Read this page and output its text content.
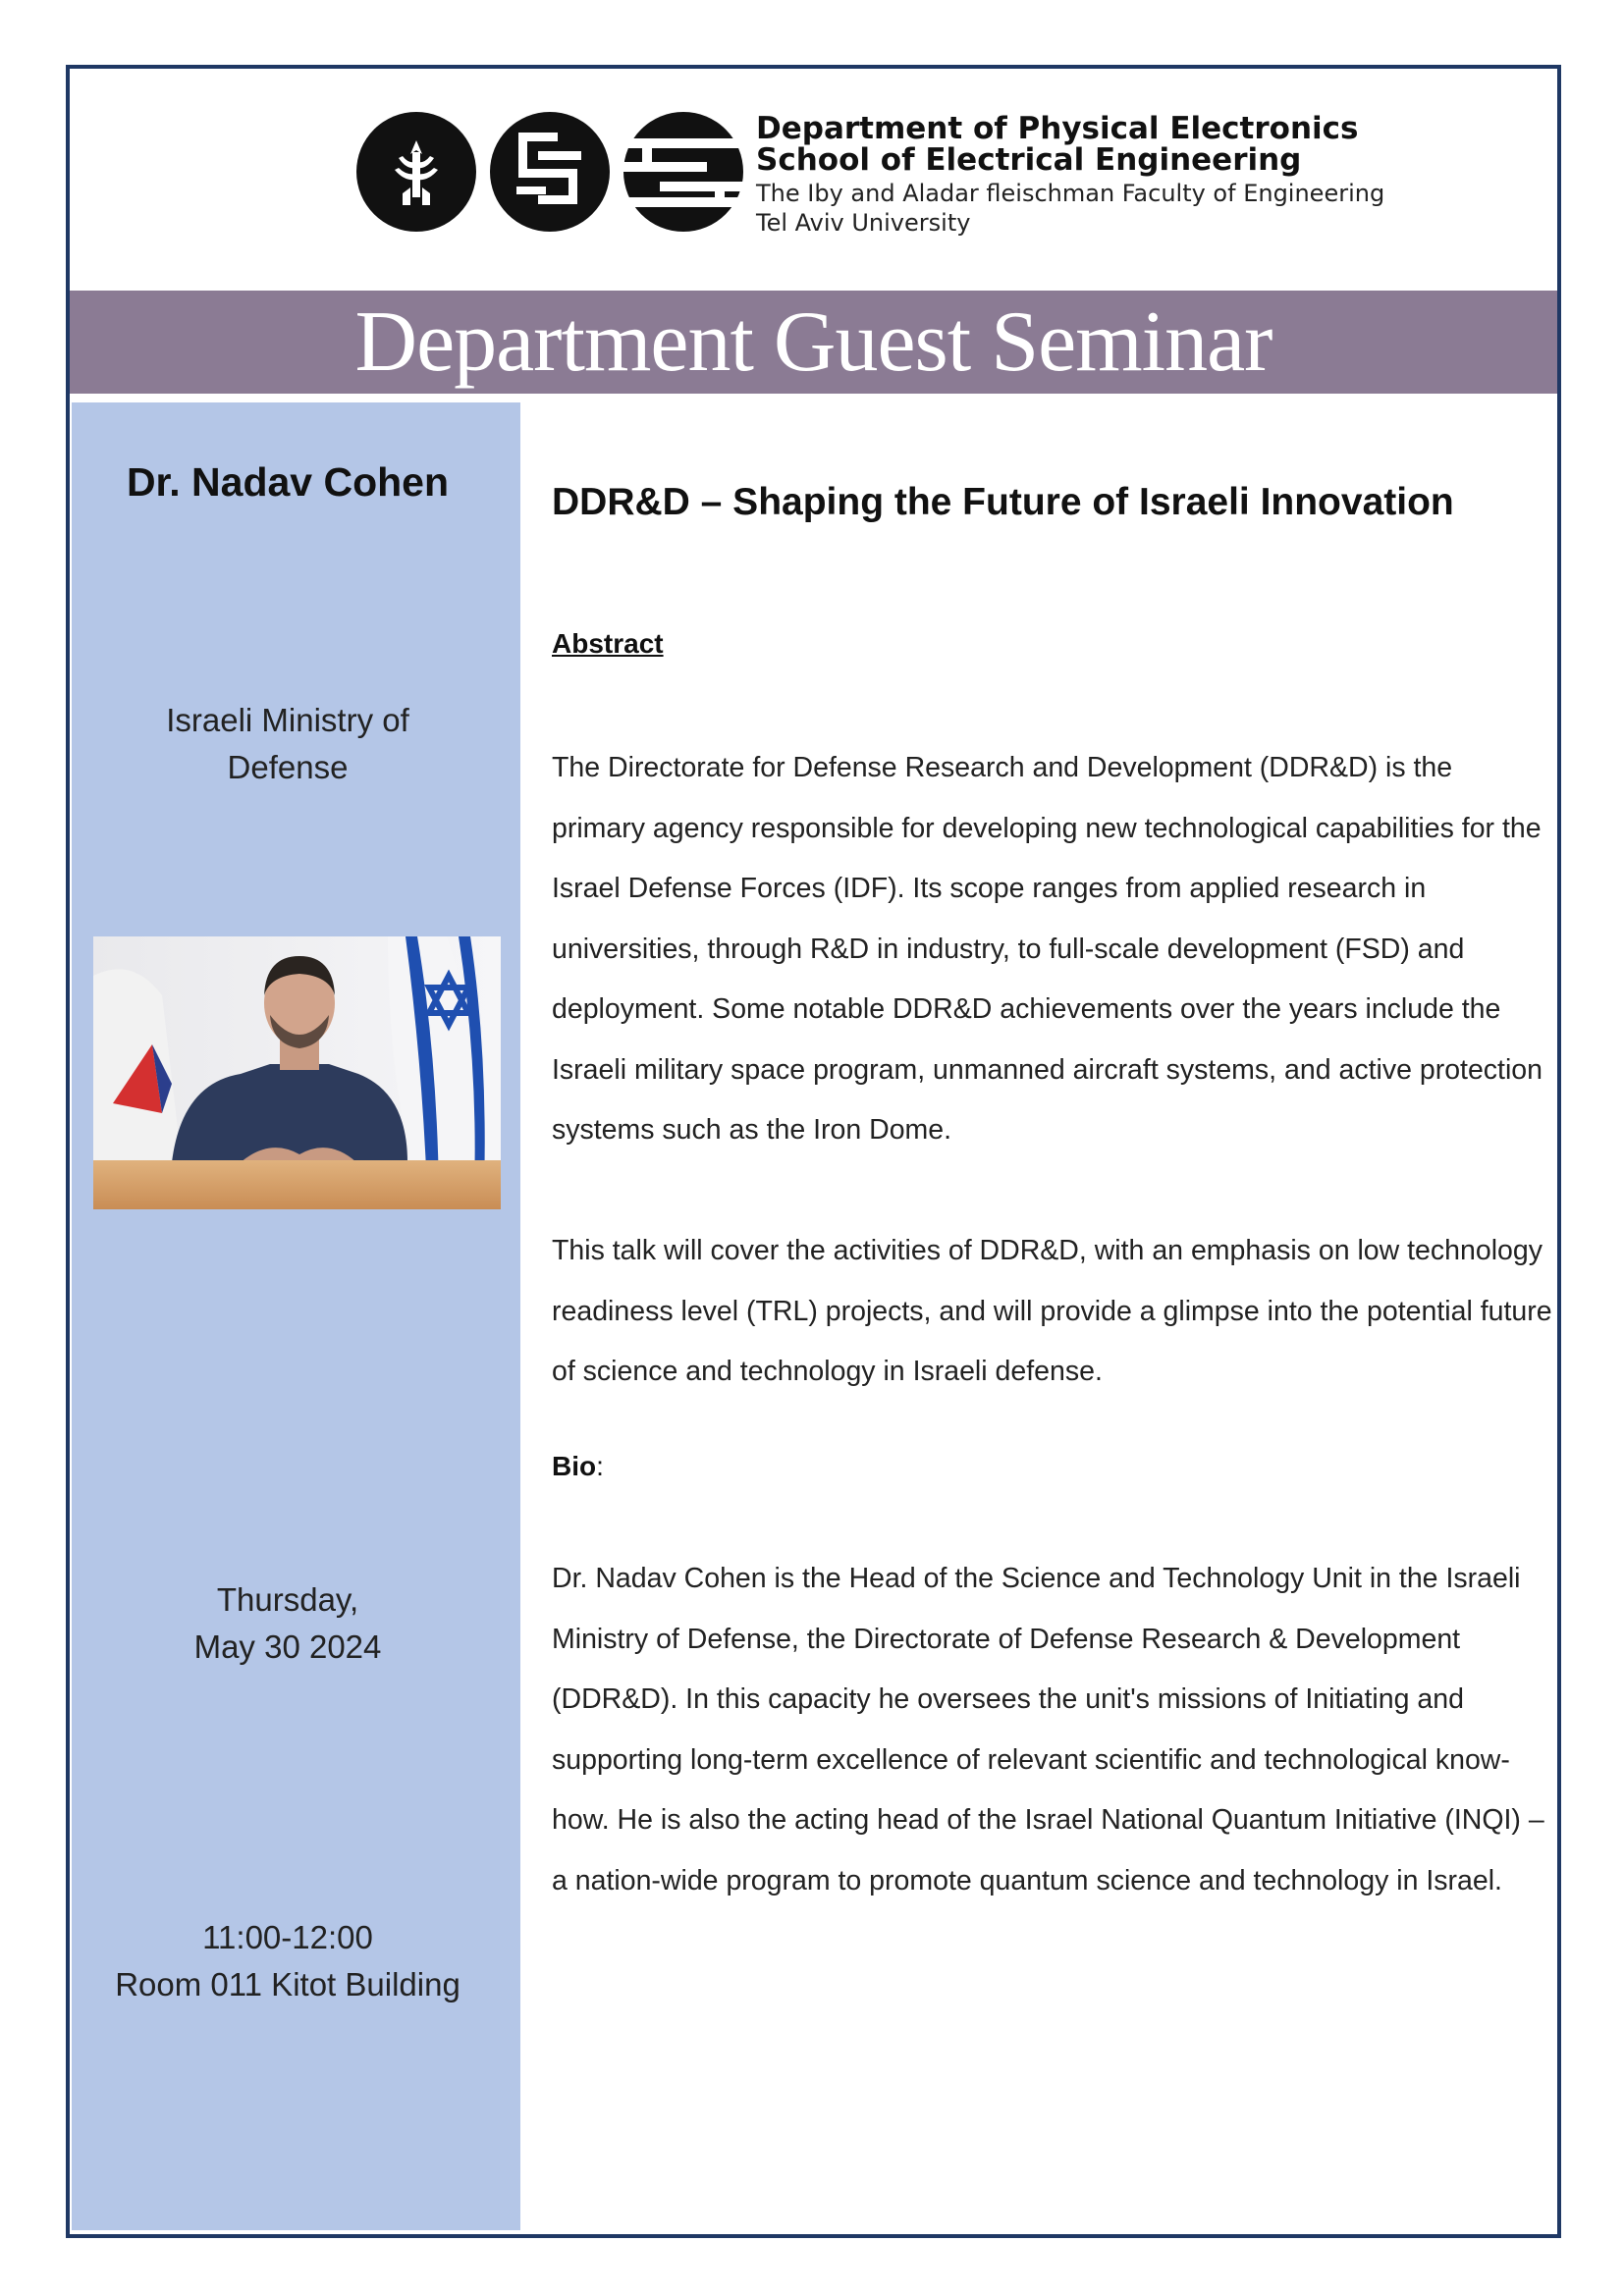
Department of Physical Electronics
School of Electrical Engineering
The Iby and Aladar fleischman Faculty of Engineering
Tel Aviv University
Department Guest Seminar
Dr. Nadav Cohen
Israeli Ministry of
Defense
Thursday,
May 30 2024
11:00-12:00
Room 011 Kitot Building
DDR&D – Shaping the Future of Israeli Innovation
Abstract

The Directorate for Defense Research and Development (DDR&D) is the primary agency responsible for developing new technological capabilities for the Israel Defense Forces (IDF). Its scope ranges from applied research in universities, through R&D in industry, to full-scale development (FSD) and deployment. Some notable DDR&D achievements over the years include the Israeli military space program, unmanned aircraft systems, and active protection systems such as the Iron Dome.

This talk will cover the activities of DDR&D, with an emphasis on low technology readiness level (TRL) projects, and will provide a glimpse into the potential future of science and technology in Israeli defense.

Bio:

Dr. Nadav Cohen is the Head of the Science and Technology Unit in the Israeli Ministry of Defense, the Directorate of Defense Research & Development (DDR&D). In this capacity he oversees the unit's missions of Initiating and supporting long-term excellence of relevant scientific and technological know-how. He is also the acting head of the Israel National Quantum Initiative (INQI) – a nation-wide program to promote quantum science and technology in Israel.
